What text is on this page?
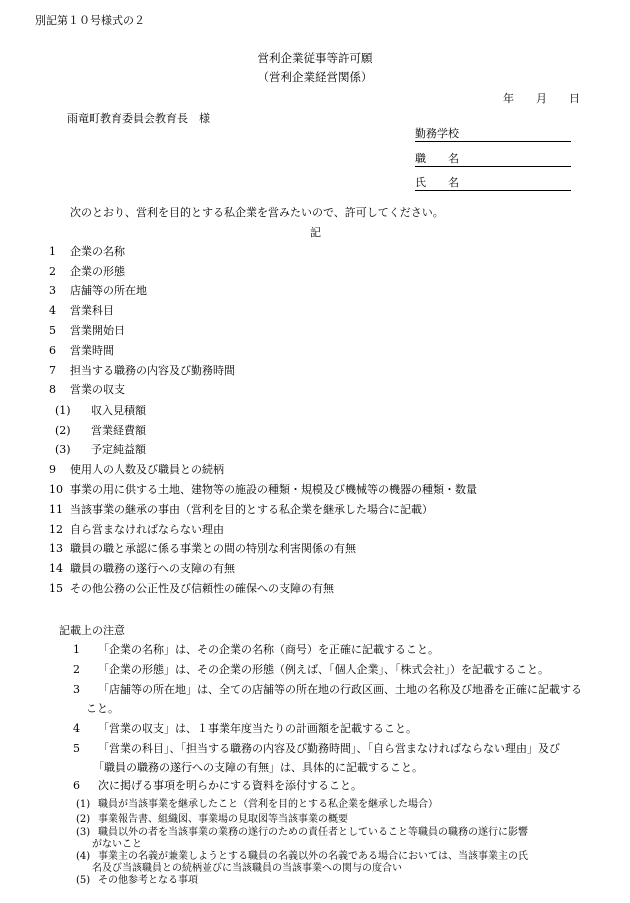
別記第１０号様式の２
営利企業従事等許可願
（営利企業経営関係）
年　　月　　日
雨竜町教育委員会教育長　様
勤務学校
職　　名
氏　　名
次のとおり、営利を目的とする私企業を営みたいので、許可してください。
記
1 企業の名称
2 企業の形態
3 店舗等の所在地
4 営業科目
5 営業開始日
6 営業時間
7 担当する職務の内容及び勤務時間
8 営業の収支
(1) 収入見積額
(2) 営業経費額
(3) 予定純益額
9 使用人の人数及び職員との続柄
10 事業の用に供する土地、建物等の施設の種類・規模及び機械等の機器の種類・数量
11 当該事業の継承の事由（営利を目的とする私企業を継承した場合に記載）
12 自ら営まなければならない理由
13 職員の職と承認に係る事業との間の特別な利害関係の有無
14 職員の職務の遂行への支障の有無
15 その他公務の公正性及び信頼性の確保への支障の有無
記載上の注意
1 「企業の名称」は、その企業の名称（商号）を正確に記載すること。
2 「企業の形態」は、その企業の形態（例えば、「個人企業」、「株式会社」）を記載すること。
3 「店舗等の所在地」は、全ての店舗等の所在地の行政区画、土地の名称及び地番を正確に記載する
こと。
4 「営業の収支」は、１事業年度当たりの計画額を記載すること。
5 「営業の科目」、「担当する職務の内容及び勤務時間」、「自ら営まなければならない理由」及び
「職員の職務の遂行への支障の有無」は、具体的に記載すること。
6 次に掲げる事項を明らかにする資料を添付すること。
(1) 職員が当該事業を継承したこと（営利を目的とする私企業を継承した場合）
(2) 事業報告書、組織図、事業場の見取図等当該事業の概要
(3) 職員以外の者を当該事業の業務の遂行のための責任者としていること等職員の職務の遂行に影響
がないこと
(4) 事業主の名義が兼業しようとする職員の名義以外の名義である場合においては、当該事業主の氏
名及び当該職員との続柄並びに当該職員の当該事業への関与の度合い
(5) その他参考となる事項
